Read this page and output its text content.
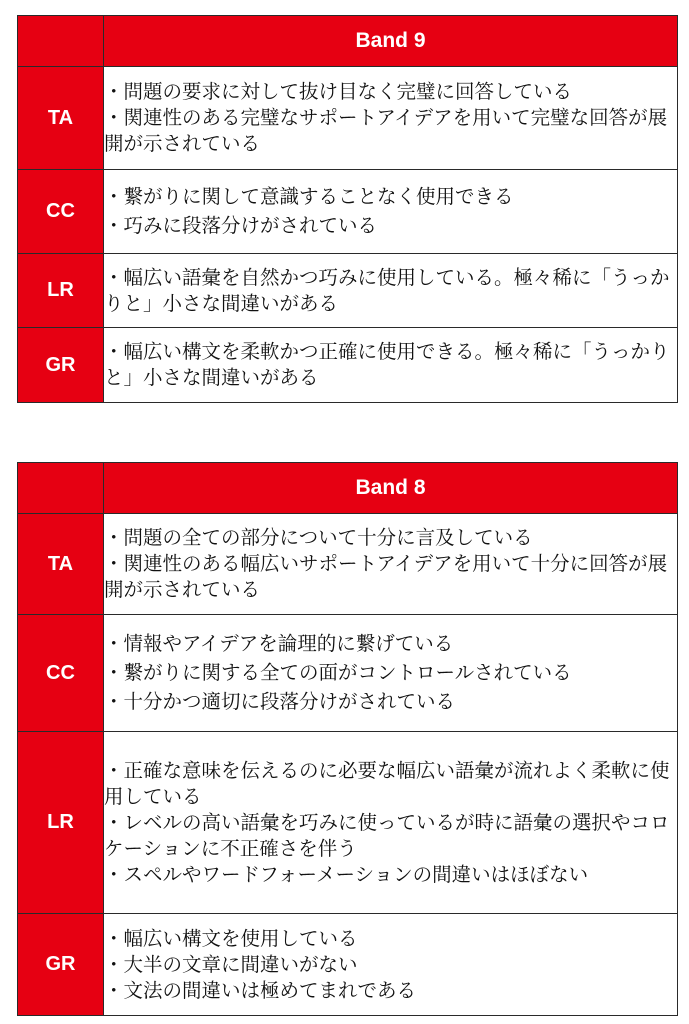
	Band 9
TA	・問題の要求に対して抜け目なく完璧に回答している
・関連性のある完璧なサポートアイデアを用いて完璧な回答が展開が示されている

CC	・繋がりに関して意識することなく使用できる
・巧みに段落分けがされている

LR	・幅広い語彙を自然かつ巧みに使用している。極々稀に「うっかりと」小さな間違いがある

GR	・幅広い構文を柔軟かつ正確に使用できる。極々稀に「うっかりと」小さな間違いがある
	Band 8
TA	・問題の全ての部分について十分に言及している
・関連性のある幅広いサポートアイデアを用いて十分に回答が展開が示されている

CC	・情報やアイデアを論理的に繋げている
・繋がりに関する全ての面がコントロールされている
・十分かつ適切に段落分けがされている

LR	・正確な意味を伝えるのに必要な幅広い語彙が流れよく柔軟に使用している
・レベルの高い語彙を巧みに使っているが時に語彙の選択やコロケーションに不正確さを伴う
・スペルやワードフォーメーションの間違いはほぼない

GR	・幅広い構文を使用している
・大半の文章に間違いがない
・文法の間違いは極めてまれである
